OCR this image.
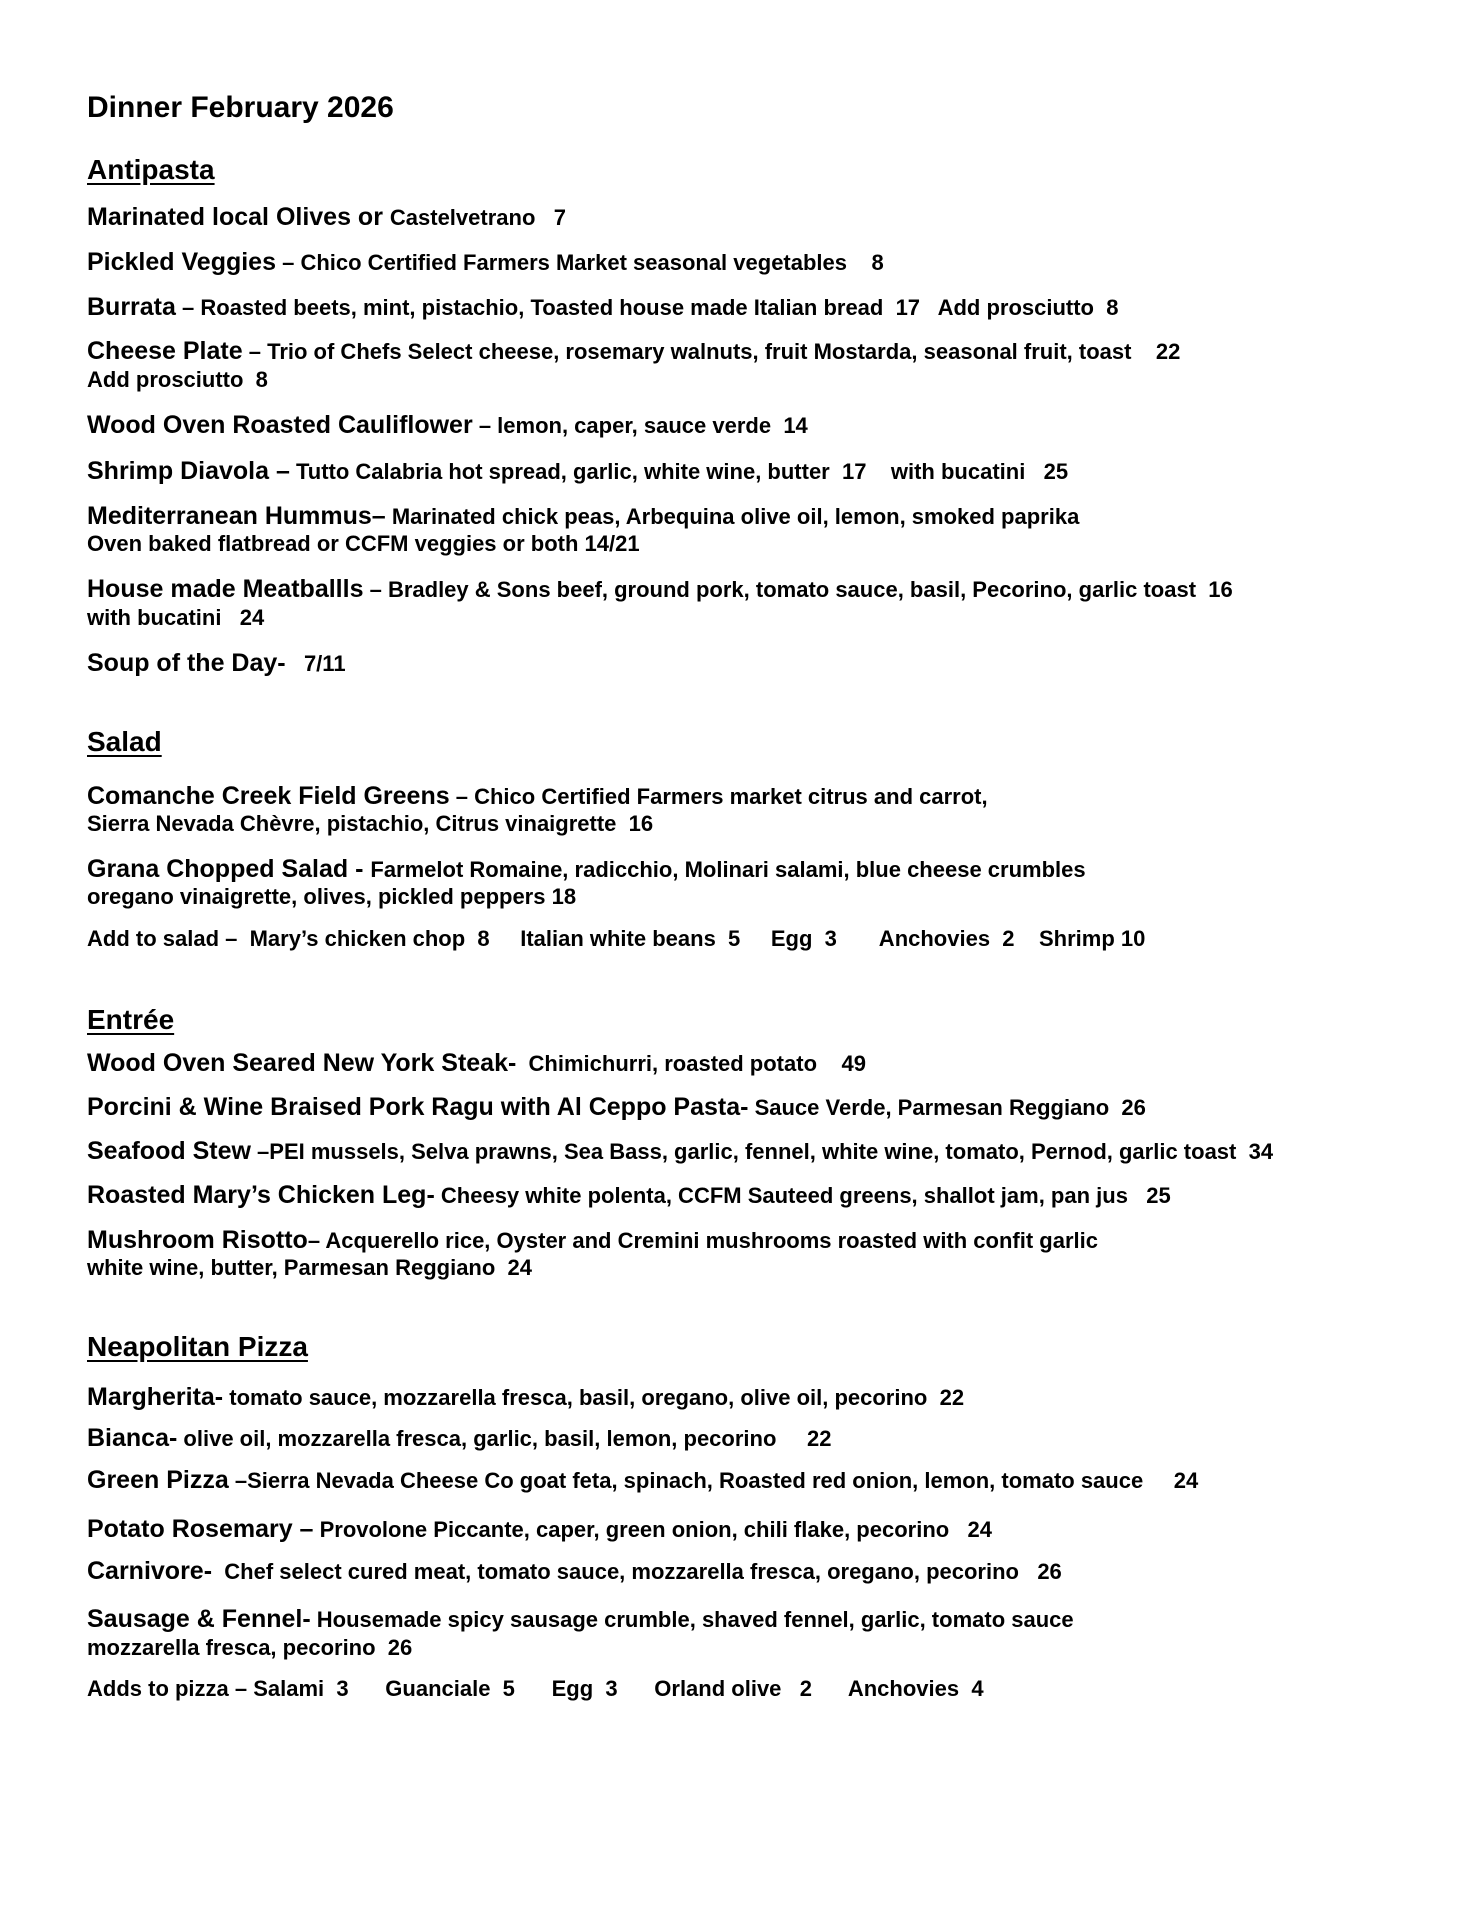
Dinner February 2026
Antipasta
Marinated local Olives or Castelvetrano   7
Pickled Veggies – Chico Certified Farmers Market seasonal vegetables    8
Burrata – Roasted beets, mint, pistachio, Toasted house made Italian bread  17   Add prosciutto  8
Cheese Plate – Trio of Chefs Select cheese, rosemary walnuts, fruit Mostarda, seasonal fruit, toast    22
Add prosciutto  8
Wood Oven Roasted Cauliflower – lemon, caper, sauce verde  14
Shrimp Diavola – Tutto Calabria hot spread, garlic, white wine, butter  17    with bucatini   25
Mediterranean Hummus– Marinated chick peas, Arbequina olive oil, lemon, smoked paprika
Oven baked flatbread or CCFM veggies or both 14/21
House made Meatballls – Bradley & Sons beef, ground pork, tomato sauce, basil, Pecorino, garlic toast  16
with bucatini   24
Soup of the Day-   7/11
Salad
Comanche Creek Field Greens – Chico Certified Farmers market citrus and carrot,
Sierra Nevada Chèvre, pistachio, Citrus vinaigrette  16
Grana Chopped Salad - Farmelot Romaine, radicchio, Molinari salami, blue cheese crumbles
oregano vinaigrette, olives, pickled peppers 18
Add to salad –  Mary’s chicken chop  8     Italian white beans  5     Egg  3       Anchovies  2    Shrimp 10
Entrée
Wood Oven Seared New York Steak-  Chimichurri, roasted potato    49
Porcini & Wine Braised Pork Ragu with Al Ceppo Pasta- Sauce Verde, Parmesan Reggiano  26
Seafood Stew –PEI mussels, Selva prawns, Sea Bass, garlic, fennel, white wine, tomato, Pernod, garlic toast  34
Roasted Mary’s Chicken Leg- Cheesy white polenta, CCFM Sauteed greens, shallot jam, pan jus   25
Mushroom Risotto– Acquerello rice, Oyster and Cremini mushrooms roasted with confit garlic
white wine, butter, Parmesan Reggiano  24
Neapolitan Pizza
Margherita- tomato sauce, mozzarella fresca, basil, oregano, olive oil, pecorino  22
Bianca- olive oil, mozzarella fresca, garlic, basil, lemon, pecorino     22
Green Pizza –Sierra Nevada Cheese Co goat feta, spinach, Roasted red onion, lemon, tomato sauce     24
Potato Rosemary – Provolone Piccante, caper, green onion, chili flake, pecorino   24
Carnivore-  Chef select cured meat, tomato sauce, mozzarella fresca, oregano, pecorino   26
Sausage & Fennel- Housemade spicy sausage crumble, shaved fennel, garlic, tomato sauce
mozzarella fresca, pecorino  26
Adds to pizza – Salami  3      Guanciale  5      Egg  3      Orland olive   2      Anchovies  4
